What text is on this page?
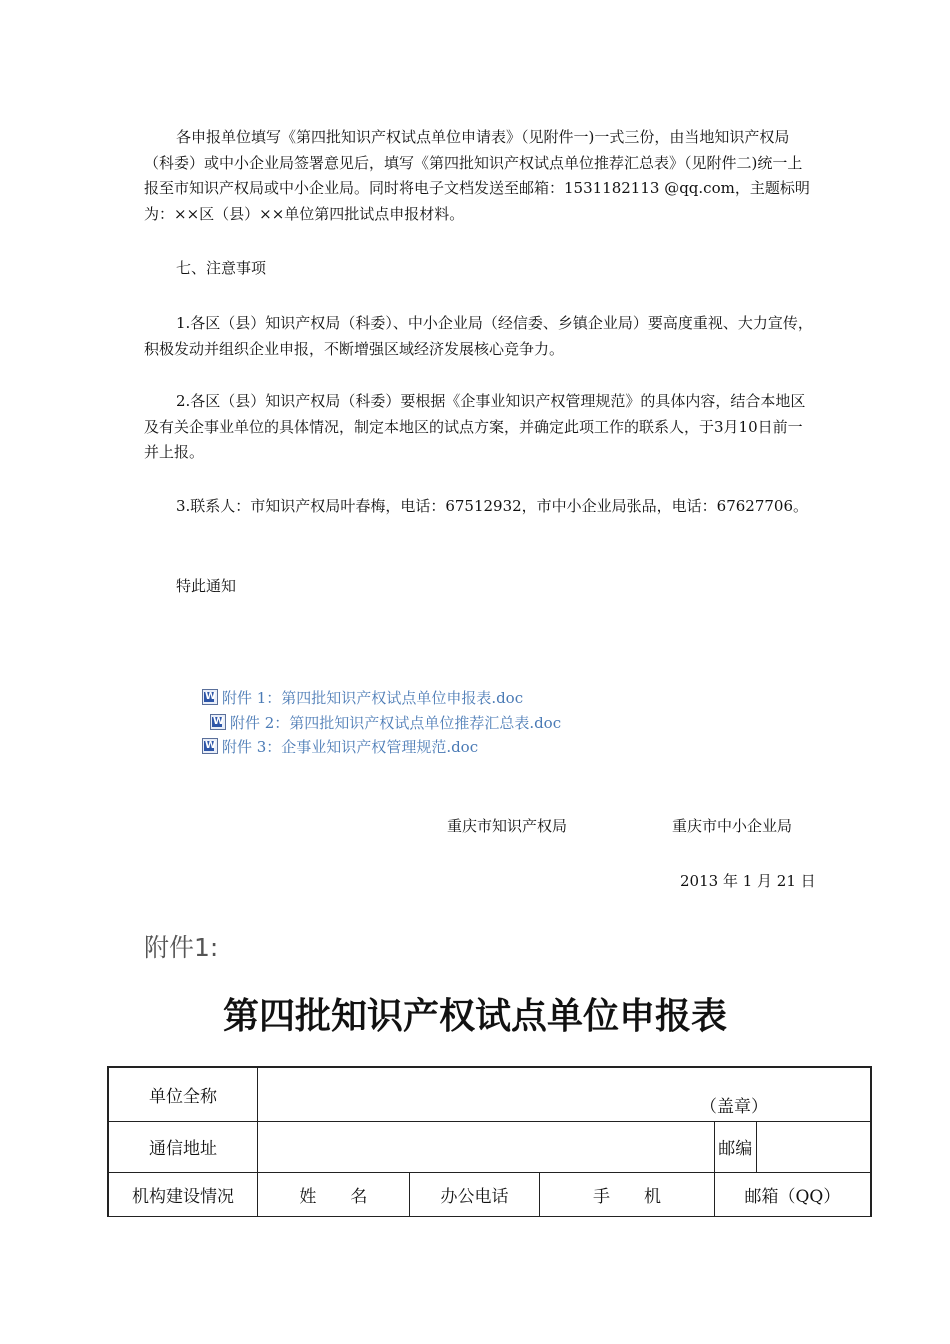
各申报单位填写《第四批知识产权试点单位申请表》（见附件一)一式三份，由当地知识产权局（科委）或中小企业局签署意见后，填写《第四批知识产权试点单位推荐汇总表》（见附件二)统一上报至市知识产权局或中小企业局。同时将电子文档发送至邮箱：1531182113 @qq.com，主题标明为：××区（县）××单位第四批试点申报材料。

七、注意事项

1.各区（县）知识产权局（科委）、中小企业局（经信委、乡镇企业局）要高度重视、大力宣传，积极发动并组织企业申报，不断增强区域经济发展核心竞争力。

2.各区（县）知识产权局（科委）要根据《企事业知识产权管理规范》的具体内容，结合本地区及有关企事业单位的具体情况，制定本地区的试点方案，并确定此项工作的联系人，于3月10日前一并上报。

3.联系人：市知识产权局叶春梅，电话：67512932，市中小企业局张品，电话：67627706。

特此通知

W
附件 1：第四批知识产权试点单位申报表.doc
W
附件 2：第四批知识产权试点单位推荐汇总表.doc
W
附件 3：企事业知识产权管理规范.doc
重庆市知识产权局	重庆市中小企业局
2013 年 1 月 21 日
附件1:
第四批知识产权试点单位申报表
单位全称	（盖章）				

通信地址				邮编	
机构建设情况	姓　　名	办公电话	手　　机	邮箱（QQ）	
